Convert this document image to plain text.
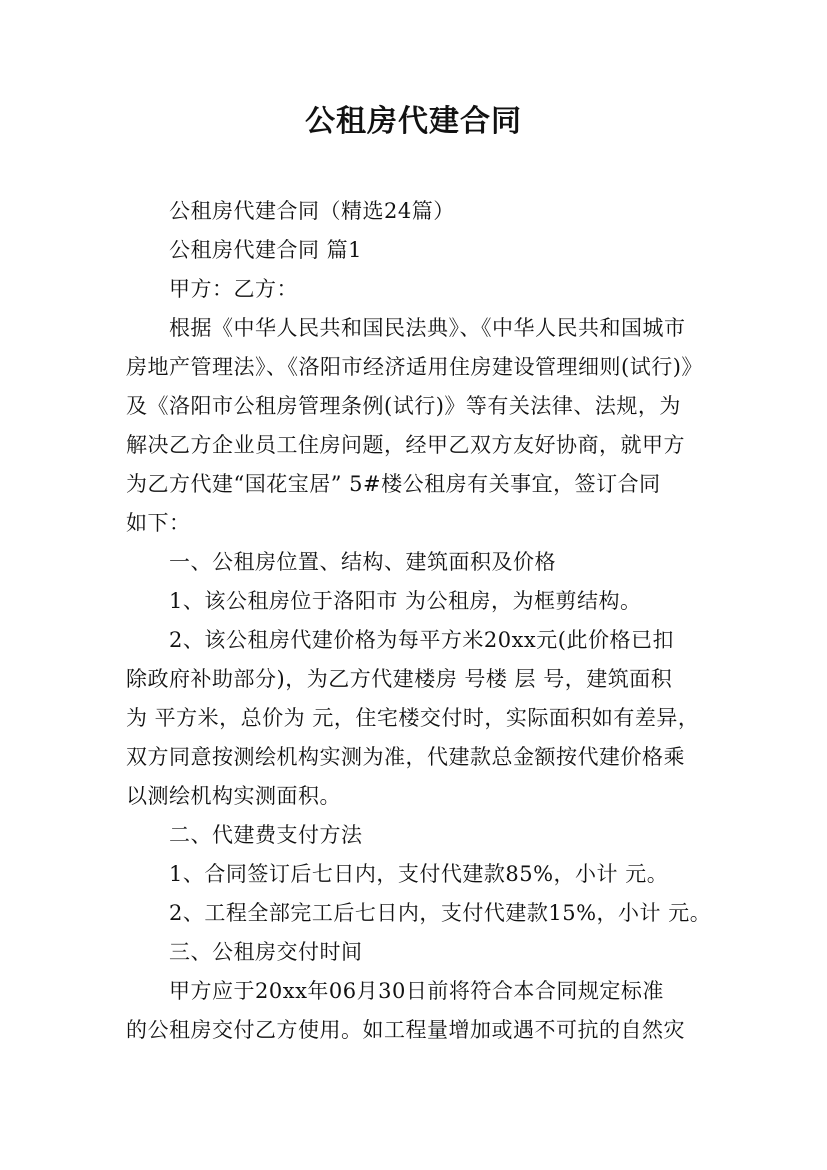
公租房代建合同
公租房代建合同（精选24篇）
公租房代建合同 篇1
甲方：乙方：
根据《中华人民共和国民法典》、《中华人民共和国城市
房地产管理法》、《洛阳市经济适用住房建设管理细则(试行)》
及《洛阳市公租房管理条例(试行)》等有关法律、法规，为
解决乙方企业员工住房问题，经甲乙双方友好协商，就甲方
为乙方代建“国花宝居” 5#楼公租房有关事宜，签订合同
如下：
一、公租房位置、结构、建筑面积及价格
1、该公租房位于洛阳市 为公租房，为框剪结构。
2、该公租房代建价格为每平方米20xx元(此价格已扣
除政府补助部分)，为乙方代建楼房 号楼 层 号，建筑面积
为 平方米，总价为 元，住宅楼交付时，实际面积如有差异，
双方同意按测绘机构实测为准，代建款总金额按代建价格乘
以测绘机构实测面积。
二、代建费支付方法
1、合同签订后七日内，支付代建款85%，小计 元。
2、工程全部完工后七日内，支付代建款15%，小计 元。
三、公租房交付时间
甲方应于20xx年06月30日前将符合本合同规定标准
的公租房交付乙方使用。如工程量增加或遇不可抗的自然灾
